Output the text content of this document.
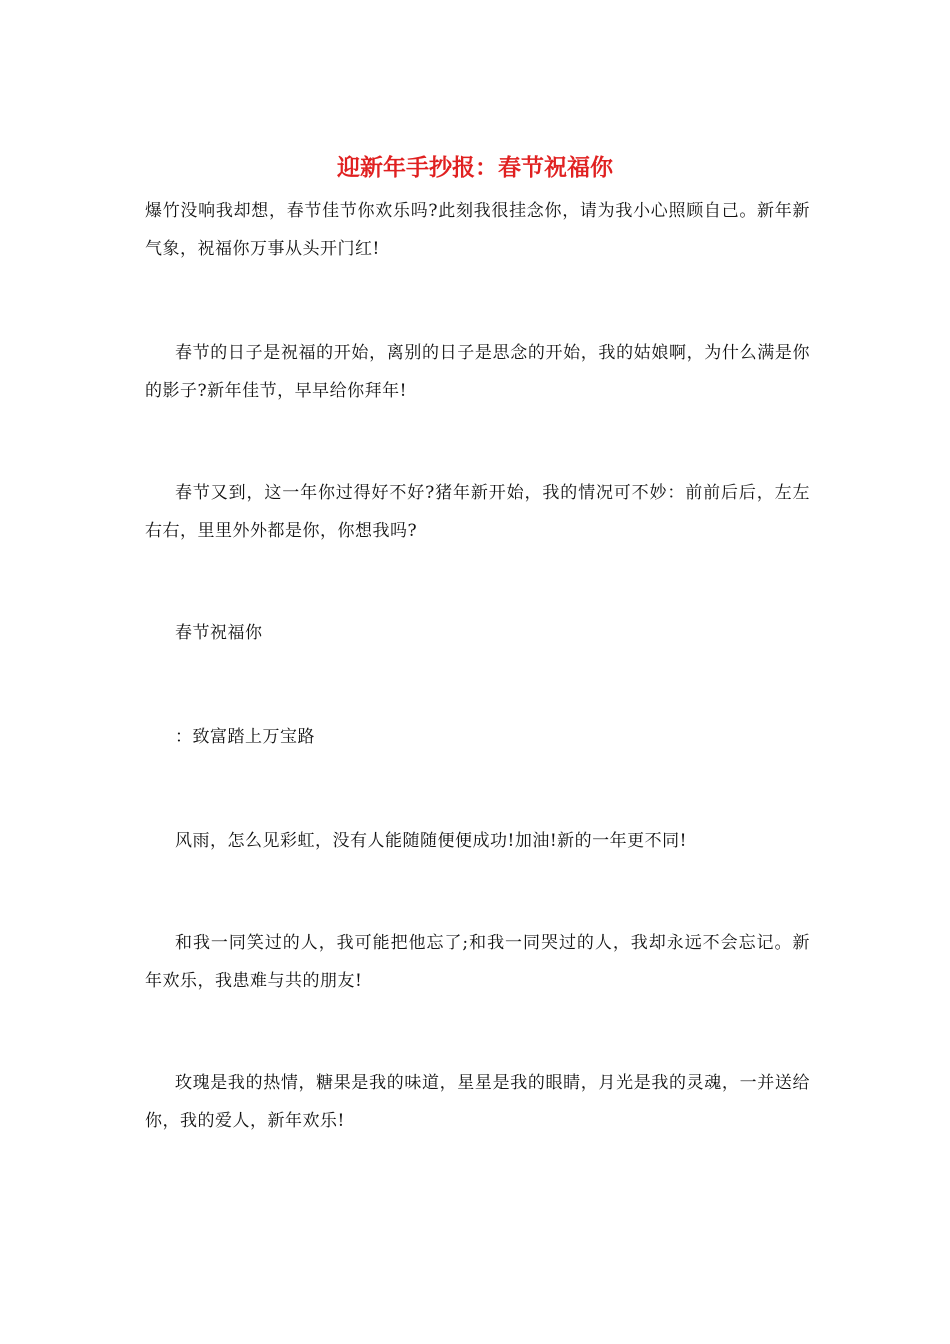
迎新年手抄报：春节祝福你

爆竹没响我却想，春节佳节你欢乐吗?此刻我很挂念你，请为我小心照顾自己。新年新气象，祝福你万事从头开门红!

春节的日子是祝福的开始，离别的日子是思念的开始，我的姑娘啊，为什么满是你的影子?新年佳节，早早给你拜年!

春节又到，这一年你过得好不好?猪年新开始，我的情况可不妙：前前后后，左左右右，里里外外都是你，你想我吗?

春节祝福你

：致富踏上万宝路

风雨，怎么见彩虹，没有人能随随便便成功!加油!新的一年更不同!

和我一同笑过的人，我可能把他忘了;和我一同哭过的人，我却永远不会忘记。新年欢乐，我患难与共的朋友!

玫瑰是我的热情，糖果是我的味道，星星是我的眼睛，月光是我的灵魂，一并送给你，我的爱人，新年欢乐!
